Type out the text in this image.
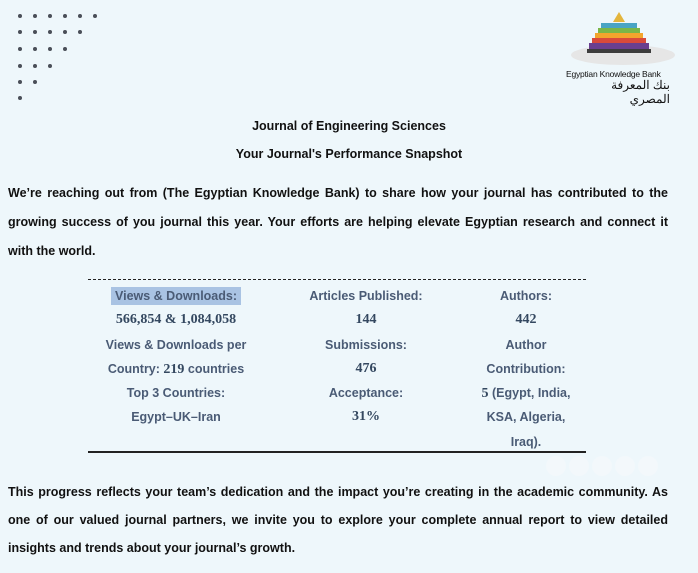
Egyptian Knowledge Bank
بنك المعرفة المصري
Journal of Engineering Sciences
Your Journal's Performance Snapshot
We’re reaching out from (The Egyptian Knowledge Bank) to share how your journal has contributed to the growing success of you journal this year. Your efforts are helping elevate Egyptian research and connect it with the world.
Views & Downloads:
566,854 & 1,084,058
Views & Downloads per
Country: 219 countries
Top 3 Countries:
Egypt–UK–Iran
Articles Published:
144
Submissions:
476
Acceptance:
31%
Authors:
442
Author
Contribution:
5 (Egypt, India,
KSA, Algeria,
Iraq).
This progress reflects your team’s dedication and the impact you’re creating in the academic community. As one of our valued journal partners, we invite you to explore your complete annual report to view detailed insights and trends about your journal’s growth.
